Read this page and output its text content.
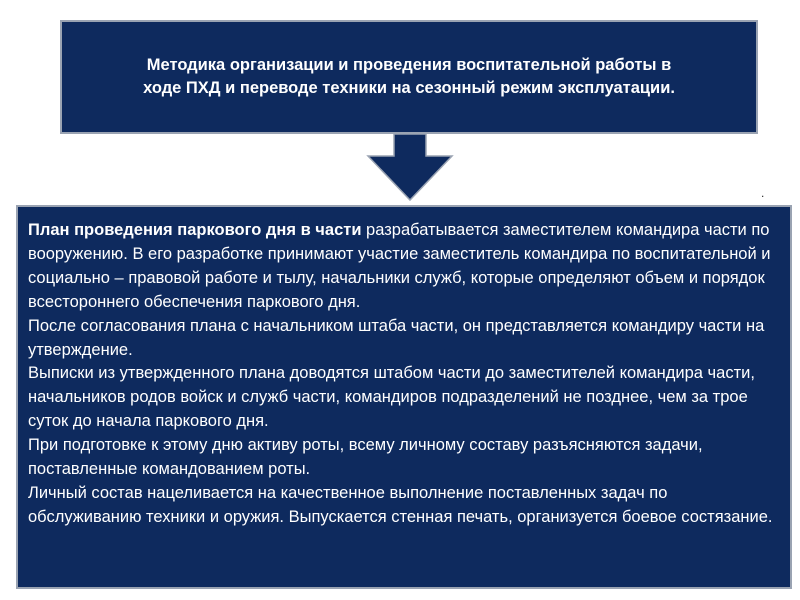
Методика организации и проведения воспитательной работы в
ходе ПХД и переводе техники на сезонный режим эксплуатации.
.

План проведения паркового дня в части разрабатывается заместителем командира части по вооружению. В его разработке принимают участие заместитель командира по воспитательной и социально – правовой работе и тылу, начальники служб, которые определяют объем и порядок всестороннего обеспечения паркового дня.

После согласования плана с начальником штаба части, он представляется командиру части на утверждение.

Выписки из утвержденного плана доводятся штабом части до заместителей командира части, начальников родов войск и служб части, командиров подразделений не позднее, чем за трое суток до начала паркового дня.

При подготовке к этому дню активу роты, всему личному составу разъясняются задачи, поставленные командованием роты.

Личный состав нацеливается на качественное выполнение поставленных задач по обслуживанию техники и оружия. Выпускается стенная печать, организуется боевое состязание.
